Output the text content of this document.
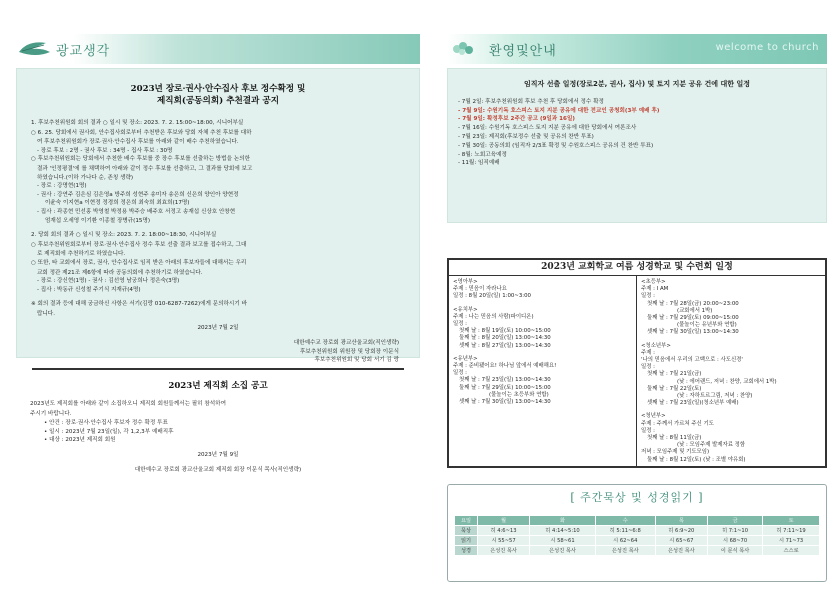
광교생각
2023년 장로·권사·안수집사 후보 정수확정 및
제직회(공동의회) 추천결과 공지
1. 후보추천위원회 회의 결과 ○ 일시 및 장소: 2023. 7. 2. 15:00~18:00, 시니어부실
○ 6. 25. 당회에서 권사회, 안수집사회로부터 추천받은 후보와 당회 자체 추천 후보를 대하
여 후보추천위원회가 장로·권사·안수집사 후보를 아래와 같이 배수 추천하였습니다.
- 장로 후보 : 2명 - 권사 후보 : 34명 - 집사 후보 : 30명
○ 후보추천위원회는 당회에서 추천한 배수 후보를 중 장수 후보를 선출하는 방법을 논의한
결과 '인정평결'에 를 채택하여 아래와 같이 정수 후보를 선출하고, 그 결과를 당회에 보고
하였습니다.(이하 가나다 순, 존칭 생략)
- 장로 : 강명현(1명)
- 권사 : 강연주 김은심 김은영a 방주희 성현주 송미자 송은희 신은희 양인아 양현정
이윤숙 이지현a 이현정 정경희 정은희 최숙희 최효희(17명)
- 집사 : 곽종현 민선홍 박영철 박정용 박주승 배주호 서정고 송재섭 신상호 안창현
엄재섭 오세영 이기환 이종철 장병규(15명)
2. 당회 회의 결과 ○ 일시 및 장소: 2023. 7. 2. 18:00~18:30, 시니어부실
○ 후보추천위원회로부터 장로·권사·안수집사 정수 후보 선출 결과 보고를 접수하고, 그대
로 제직회에 추천하기로 하였습니다.
○ 또한, 타 교회에서 장로, 권사, 안수집사로 임직 받은 아래의 후보자들에 대해서는 우리
교회 정관 제21조 제6항에 따라 공동의회에 추천하기로 하였습니다.
- 장로 : 강신현(1명) - 권사 : 김선영 남궁희나 정은숙(3명)
- 집사 : 박동규 신성철 주기식 지재규(4명)
※ 회의 결과 등에 대해 궁금하신 사항은 서기(김랑 010-6287-7262)에게 문의하시기 바
랍니다.
2023년 7월 2일
대한예수교 장로회 광교산울교회(직인생략)
후보추천위원회 위원장 및 당회장 이문식
후보추천위원회 및 당회 서기 김 랑
2023년 제직회 소집 공고
2023년도 제직회를 아래와 같이 소집하오니 제직회 회원들께서는 필히 참석하여
주시기 바랍니다.
• 안건 : 장로·권사·안수집사 후보자 정수 확정 투표
• 일시 : 2023년 7월 23일(일), 각 1,2,3부 예배직후
• 대상 : 2023년 제직회 회원
2023년 7월 9일
대한예수교 장로회 광교산울교회 제직회 회장 이문식 목사(직인생략)
환영및안내	welcome to church
임직자 선출 일정(장로2분, 권사, 집사) 및 토지 지분 공유 건에 대한 일정
- 7월 2일: 후보추천위원회 후보 추천 후 당회에서 정수 확정
- 7월 9일: 수원기독 호스피스 토지 지분 공유에 대한 전교인 공청회(3부 예배 후)
- 7월 9일: 확정후보 2주간 공고 (9일과 16일)
- 7월 16일: 수원기독 호스피스 토지 지분 공유에 대한 당회에서 여론조사
- 7월 23일: 제직회(후보정수 선출 및 공유의 찬반 투표)
- 7월 30일: 공동의회 (임직자 2/3표 확정 및 수원호스피스 공유의 건 찬반 투표)
- 8월: 노회고육예정
- 11월: 임직예배
2023년 교회학교 여름 성경학교 및 수련회 일정
<영아부>
주제 : 믿음이 자라나요
일정 : 8월 20일(일) 1:00~3:00
<유치부>
주제 : 나는 믿음의 사람(파이디온)
일정 :
첫째 날 : 8월 19일(토) 10:00~15:00
둘째 날 : 8월 20일(일) 13:00~14:30
셋째 날 : 8월 27일(일) 13:00~14:30
<유년부>
주제 : 준비됐어요! 하나님 앞에서 예배해요!
일정 :
첫째 날 : 7월 23일(일) 13:00~14:30
둘째 날 : 7월 29일(토) 10:00~15:00
(물놀이는 초등부와 연합)
셋째 날 : 7월 30일(일) 13:00~14:30
<초등부>
주제 : I AM
일정 :
첫째 날 : 7월 28일(금) 20:00~23:00
(교회에서 1박)
둘째 날 : 7월 29일(토) 09:00~15:00
(물놀이는 유년부와 연합)
셋째 날 : 7월 30일(일) 13:00~14:30
<청소년부>
주제 :
'나의 믿음에서 우리의 고백으로 : 사도신경'
일정 :
첫째 날 : 7월 21일(금)
(낮 : 에어랜드, 저녁 : 찬양, 교회에서 1박)
둘째 날 : 7월 22일(토)
(낮 : 자하트르그림, 저녁 : 찬양)
셋째 날 : 7월 23일(일)(청소년부 예배)
<청년부>
주제 : 주께서 가르쳐 주신 기도
일정 :
첫째 날 : 8월 11일(금)
(낮 : 모임주제 발제자료 정함
저녁 : 모임주제 및 기도모임)
둘째 날 : 8월 12일(토) (낮 : 조별 야유회)
[ 주간묵상 및 성경읽기 ]
요일	월	화	수	목	금	토
묵상	히 4:6~13	히 4:14~5:10	히 5:11~6:8	히 6:9~20	히 7:1~10	히 7:11~19
읽기	시 55~57	시 58~61	시 62~64	시 65~67	시 68~70	시 71~73
성경	은성진 목사	은성진 목사	은성진 목사	은성진 목사	이 문식 목사	스스로
